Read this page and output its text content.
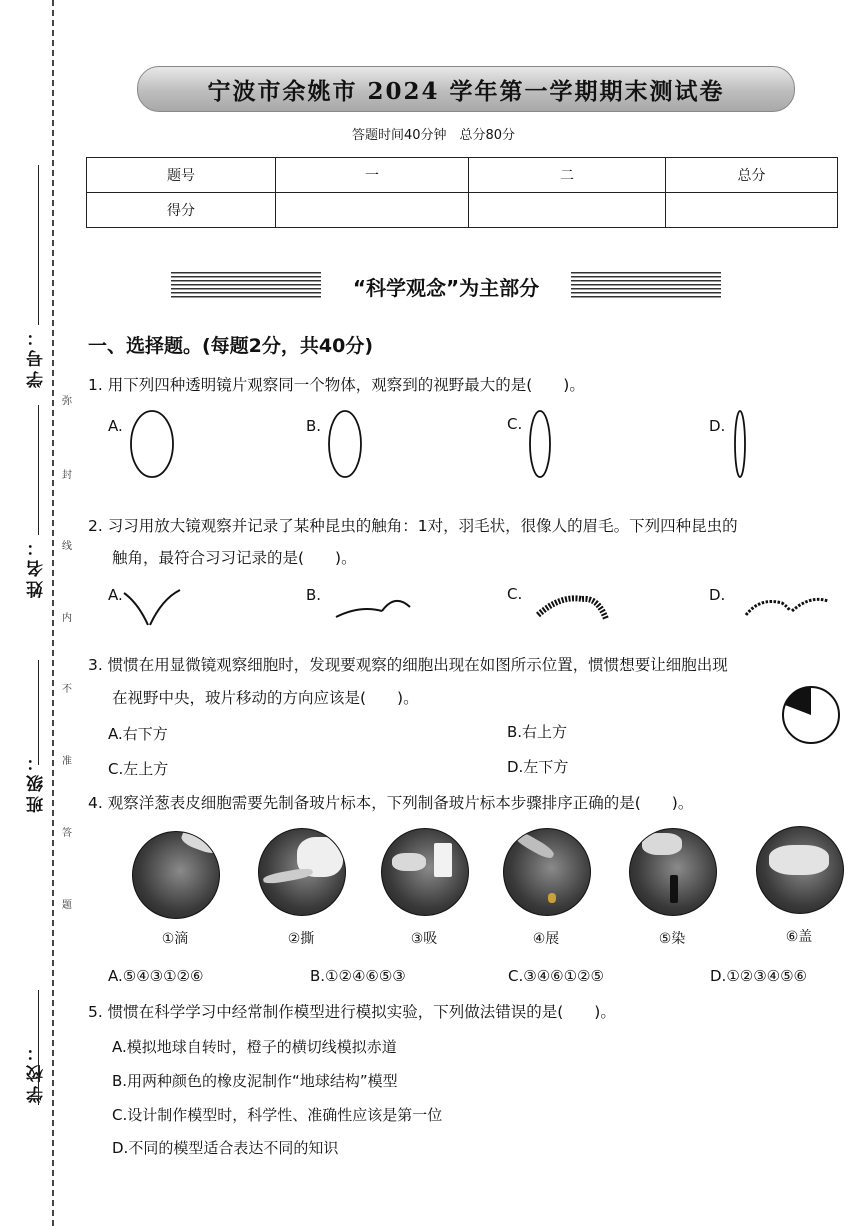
学校：
班级：
姓名：
学号：
弥
封
线
内
不
准
答
题
宁波市余姚市 2024 学年第一学期期末测试卷
答题时间40分钟　总分80分
题号	一	二	总分
得分			
“科学观念”为主部分
一、选择题。(每题2分，共40分)
1. 用下列四种透明镜片观察同一个物体，观察到的视野最大的是(　　)。
A.	B.	C.	D.
2. 习习用放大镜观察并记录了某种昆虫的触角：1对，羽毛状，很像人的眉毛。下列四种昆虫的
触角，最符合习习记录的是(　　)。
A.	B.	C.	D.
3. 惯惯在用显微镜观察细胞时，发现要观察的细胞出现在如图所示位置，惯惯想要让细胞出现
在视野中央，玻片移动的方向应该是(　　)。
A.右下方	B.右上方
C.左上方	D.左下方
4. 观察洋葱表皮细胞需要先制备玻片标本，下列制备玻片标本步骤排序正确的是(　　)。
①滴	②撕	③吸	④展	⑤染	⑥盖
A.⑤④③①②⑥	B.①②④⑥⑤③	C.③④⑥①②⑤	D.①②③④⑤⑥
5. 惯惯在科学学习中经常制作模型进行模拟实验，下列做法错误的是(　　)。
A.模拟地球自转时，橙子的横切线模拟赤道
B.用两种颜色的橡皮泥制作“地球结构”模型
C.设计制作模型时，科学性、准确性应该是第一位
D.不同的模型适合表达不同的知识
